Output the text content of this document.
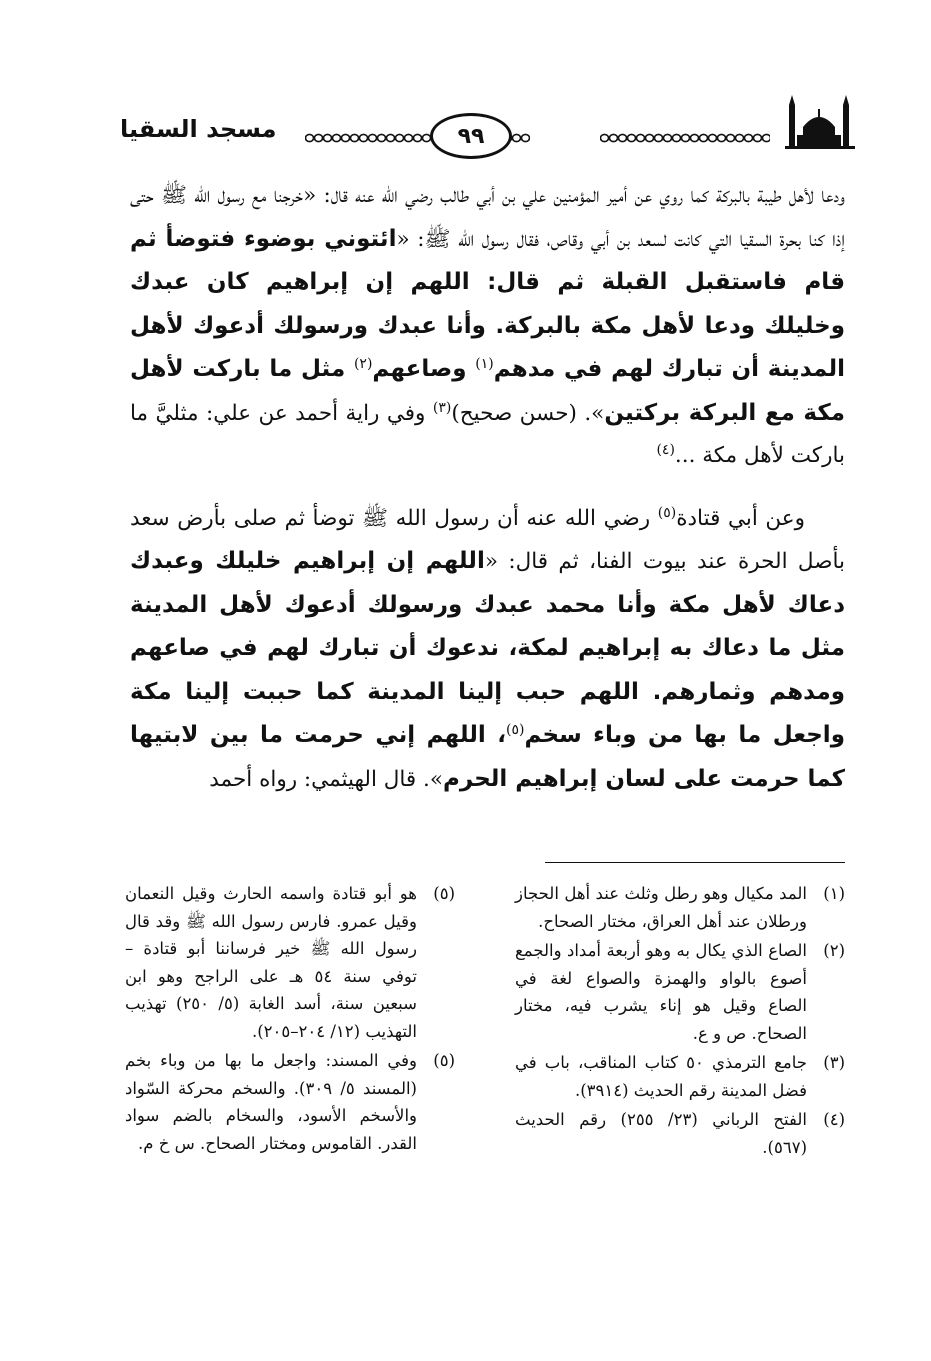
مسجد السقيا	٩٩

ودعا لأهل طيبة بالبركة كما روي عن أمير المؤمنين علي بن أبي طالب رضي الله عنه قال: «خرجنا مع رسول الله ﷺ حتى إذا كنا بحرة السقيا التي كانت لسعد بن أبي وقاص، فقال رسول الله ﷺ: «ائتوني بوضوء فتوضأ ثم قام فاستقبل القبلة ثم قال: اللهم إن إبراهيم كان عبدك وخليلك ودعا لأهل مكة بالبركة. وأنا عبدك ورسولك أدعوك لأهل المدينة أن تبارك لهم في مدهم$^{(١)}$ وصاعهم$^{(٢)}$ مثل ما باركت لأهل مكة مع البركة بركتين». (حسن صحيح)$^{(٣)}$ وفي راية أحمد عن علي: مثليَّ ما باركت لأهل مكة ...$^{(٤)}$

وعن أبي قتادة$^{(٥)}$ رضي الله عنه أن رسول الله ﷺ توضأ ثم صلى بأرض سعد بأصل الحرة عند بيوت الفنا، ثم قال: «اللهم إن إبراهيم خليلك وعبدك دعاك لأهل مكة وأنا محمد عبدك ورسولك أدعوك لأهل المدينة مثل ما دعاك به إبراهيم لمكة، ندعوك أن تبارك لهم في صاعهم ومدهم وثمارهم. اللهم حبب إلينا المدينة كما حببت إلينا مكة واجعل ما بها من وباء سخم$^{(٥)}$، اللهم إني حرمت ما بين لابتيها كما حرمت على لسان إبراهيم الحرم». قال الهيثمي: رواه أحمد

(١)
المد مكيال وهو رطل وثلث عند أهل الحجاز ورطلان عند أهل العراق، مختار الصحاح.
(٢)
الصاع الذي يكال به وهو أربعة أمداد والجمع أصوع بالواو والهمزة والصواع لغة في الصاع وقيل هو إناء يشرب فيه، مختار الصحاح. ص و ع.
(٣)
جامع الترمذي ٥٠ كتاب المناقب، باب في فضل المدينة رقم الحديث (٣٩١٤).
(٤)
الفتح الرباني (٢٣/ ٢٥٥) رقم الحديث (٥٦٧).
(٥)
هو أبو قتادة واسمه الحارث وقيل النعمان وقيل عمرو. فارس رسول الله ﷺ وقد قال رسول الله ﷺ خير فرساننا أبو قتادة – توفي سنة ٥٤ هـ على الراجح وهو ابن سبعين سنة، أسد الغابة (٥/ ٢٥٠) تهذيب التهذيب (١٢/ ٢٠٤–٢٠٥).
(٥)
وفي المسند: واجعل ما بها من وباء بخم (المسند ٥/ ٣٠٩). والسخم محركة السّواد والأسخم الأسود، والسخام بالضم سواد القدر. القاموس ومختار الصحاح. س خ م.
